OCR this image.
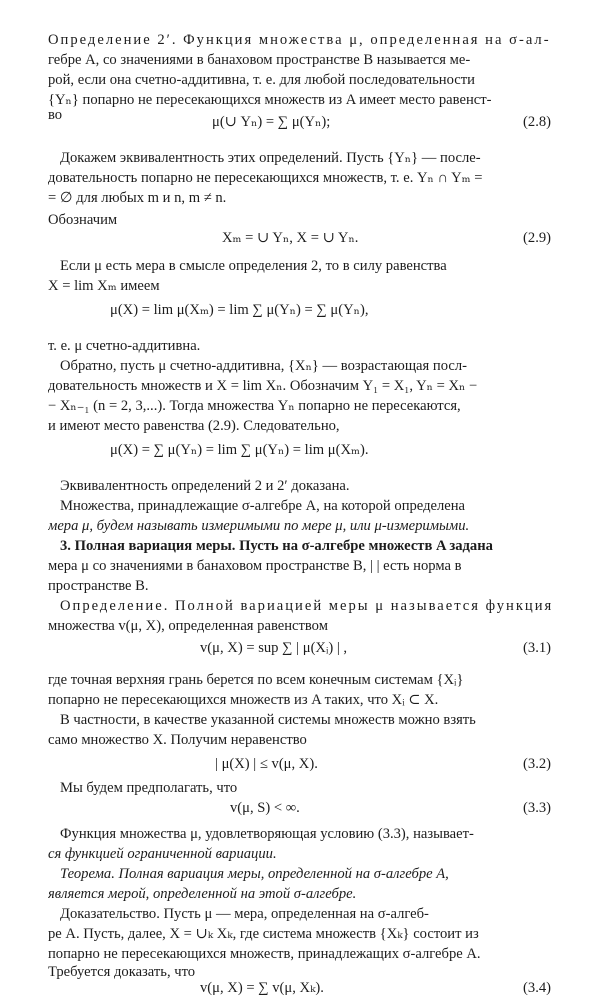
Определение 2′. Функция множества μ, определенная на σ-ал-
гебре A, со значениями в банаховом пространстве B называется ме-
рой, если она счетно-аддитивна, т. е. для любой последовательности
{Yₙ} попарно не пересекающихся множеств из A имеет место равенст-
во	μ(∪ Yₙ) = ∑ μ(Yₙ);	(2.8)
Докажем эквивалентность этих определений. Пусть {Yₙ} — после-
довательность попарно не пересекающихся множеств, т. е. Yₙ ∩ Yₘ =
= ∅ для любых m и n, m ≠ n.
Обозначим
Xₘ = ∪ Yₙ, X = ∪ Yₙ.	(2.9)
Если μ есть мера в смысле определения 2, то в силу равенства
X = lim Xₘ имеем
μ(X) = lim μ(Xₘ) = lim ∑ μ(Yₙ) = ∑ μ(Yₙ),
т. е. μ счетно-аддитивна.
Обратно, пусть μ счетно-аддитивна, {Xₙ} — возрастающая посл-
довательность множеств и X = lim Xₙ. Обозначим Y₁ = X₁, Yₙ = Xₙ −
− Xₙ₋₁ (n = 2, 3,...). Тогда множества Yₙ попарно не пересекаются,
и имеют место равенства (2.9). Следовательно,
μ(X) = ∑ μ(Yₙ) = lim ∑ μ(Yₙ) = lim μ(Xₘ).
Эквивалентность определений 2 и 2′ доказана.
Множества, принадлежащие σ-алгебре A, на которой определена
мера μ, будем называть измеримыми по мере μ, или μ-измеримыми.
3. Полная вариация меры. Пусть на σ-алгебре множеств A задана
мера μ со значениями в банаховом пространстве B, | | есть норма в
пространстве B.
Определение. Полной вариацией меры μ называется функция
множества v(μ, X), определенная равенством
v(μ, X) = sup ∑ | μ(Xᵢ) | ,	(3.1)
где точная верхняя грань берется по всем конечным системам {Xᵢ}
попарно не пересекающихся множеств из A таких, что Xᵢ ⊂ X.
В частности, в качестве указанной системы множеств можно взять
само множество X. Получим неравенство
| μ(X) | ≤ v(μ, X).	(3.2)
Мы будем предполагать, что
v(μ, S) < ∞.	(3.3)
Функция множества μ, удовлетворяющая условию (3.3), называет-
ся функцией ограниченной вариации.
Теорема. Полная вариация меры, определенной на σ-алгебре A,
является мерой, определенной на этой σ-алгебре.
Доказательство. Пусть μ — мера, определенная на σ-алгеб-
ре A. Пусть, далее, X = ∪ₖ Xₖ, где система множеств {Xₖ} состоит из
попарно не пересекающихся множеств, принадлежащих σ-алгебре A.
Требуется доказать, что
v(μ, X) = ∑ v(μ, Xₖ).	(3.4)
